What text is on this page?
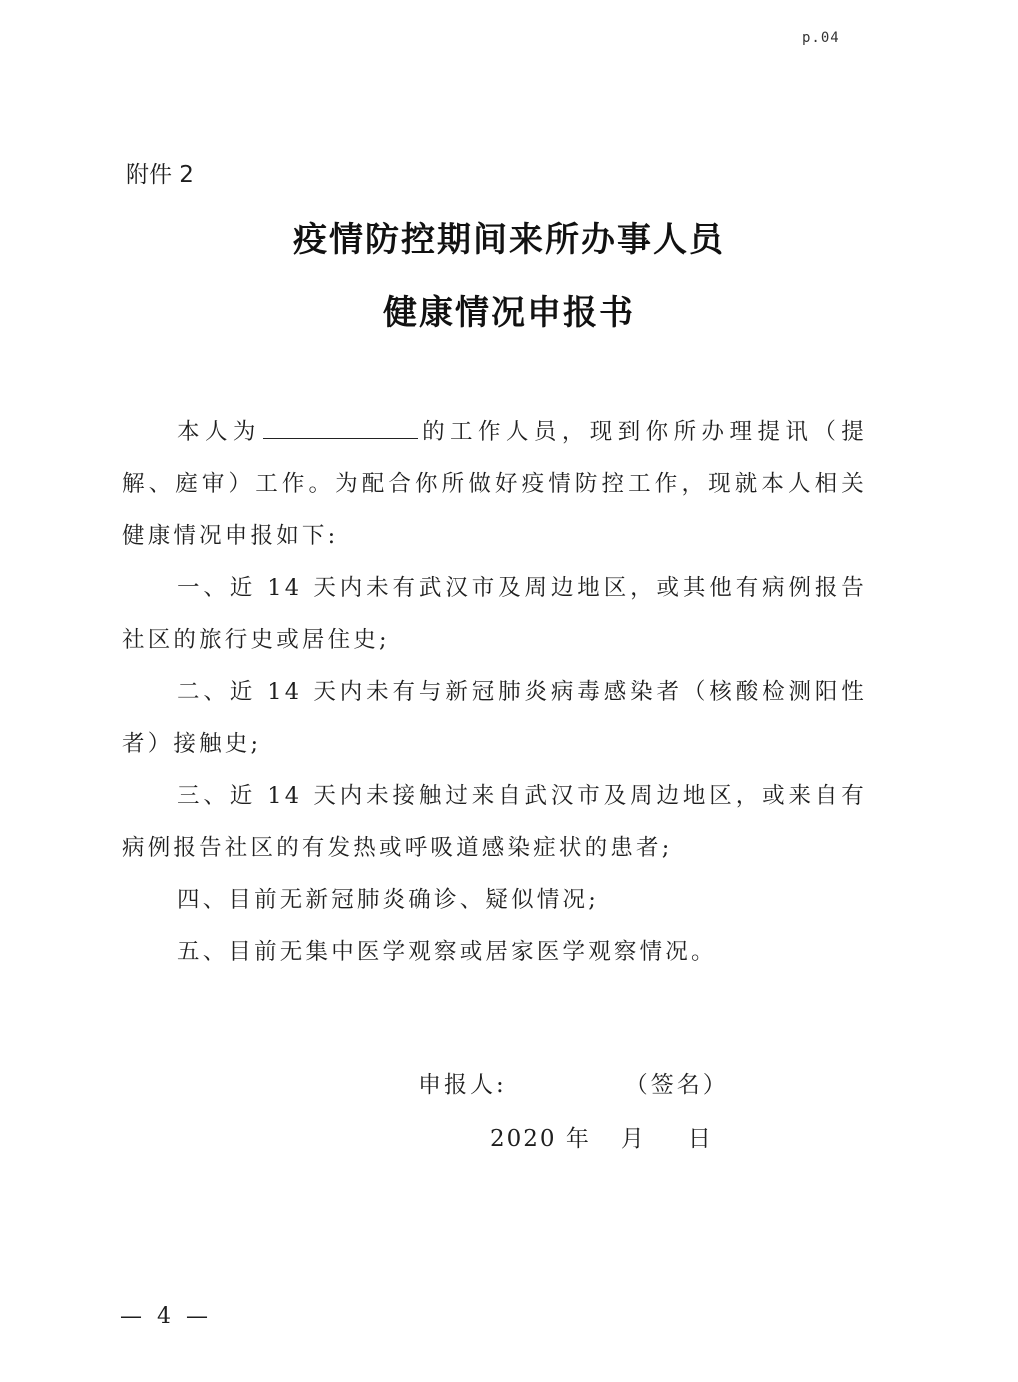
p.04
附件 2
疫情防控期间来所办事人员
健康情况申报书

本人为	的工作人员，现到你所办理提讯（提解、庭审）工作。为配合你所做好疫情防控工作，现就本人相关健康情况申报如下:

一、近 14 天内未有武汉市及周边地区，或其他有病例报告社区的旅行史或居住史;

二、近 14 天内未有与新冠肺炎病毒感染者（核酸检测阳性者）接触史;

三、近 14 天内未接触过来自武汉市及周边地区，或来自有病例报告社区的有发热或呼吸道感染症状的患者;

四、目前无新冠肺炎确诊、疑似情况;

五、目前无集中医学观察或居家医学观察情况。

申报人:	（签名）
2020 年 月 日
— 4 —
